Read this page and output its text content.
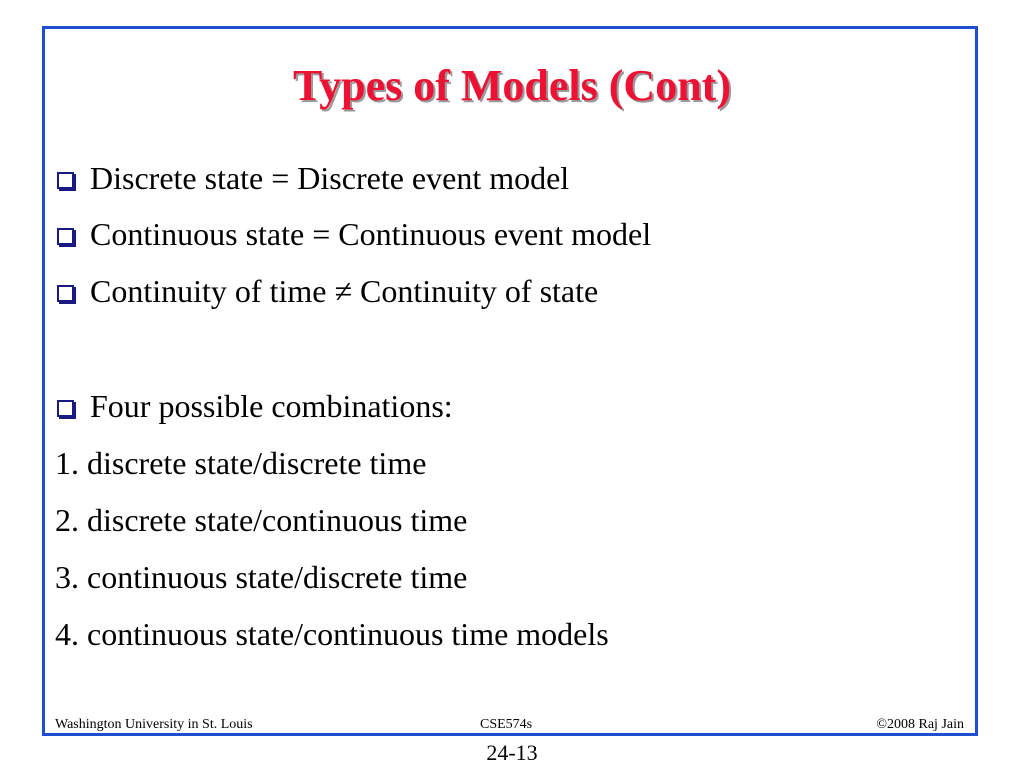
Types of Models (Cont)
Discrete state = Discrete event model
Continuous state = Continuous event model
Continuity of time ≠ Continuity of state
Four possible combinations:
1. discrete state/discrete time
2. discrete state/continuous time
3. continuous state/discrete time
4. continuous state/continuous time models
Washington University in St. Louis	CSE574s	©2008 Raj Jain
24-13
